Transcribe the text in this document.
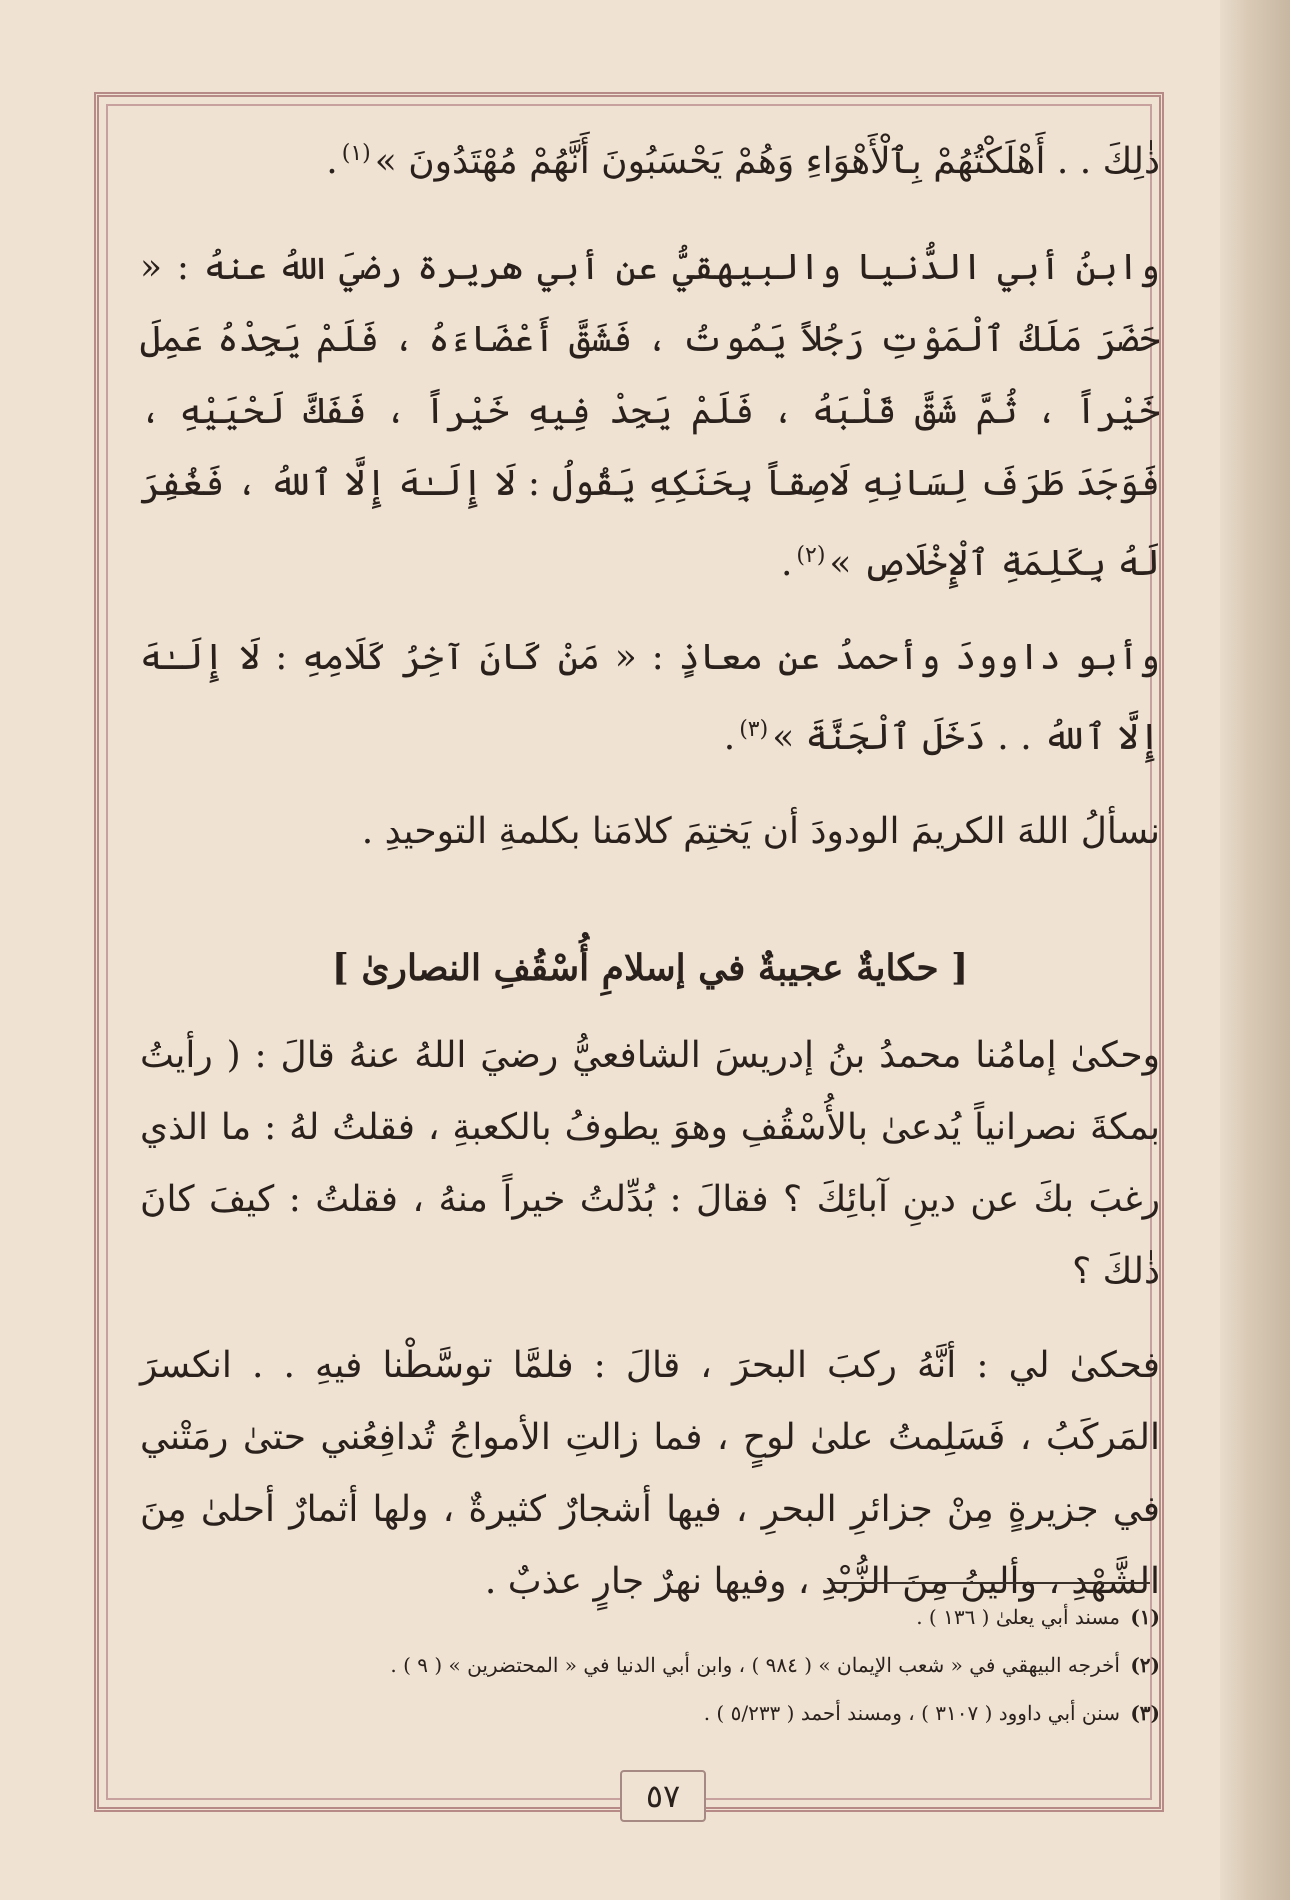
ذٰلِكَ . . أَهْلَكْتُهُمْ بِٱلْأَهْوَاءِ وَهُمْ يَحْسَبُونَ أَنَّهُمْ مُهْتَدُونَ »$^{(١)}$.

وابنُ أبي الدُّنيا والبيهقيُّ عن أبي هريرة رضيَ اللهُ عنهُ : « حَضَرَ مَلَكُ ٱلْمَوْتِ رَجُلاً يَمُوتُ ، فَشَقَّ أَعْضَاءَهُ ، فَلَمْ يَجِدْهُ عَمِلَ خَيْراً ، ثُمَّ شَقَّ قَلْبَهُ ، فَلَمْ يَجِدْ فِيهِ خَيْراً ، فَفَكَّ لَحْيَيْهِ ، فَوَجَدَ طَرَفَ لِسَانِهِ لَاصِقاً بِحَنَكِهِ يَقُولُ : لَا إِلَـٰهَ إِلَّا ٱللهُ ، فَغُفِرَ لَهُ بِكَلِمَةِ ٱلْإِخْلَاصِ »$^{(٢)}$.

وأبو داوودَ وأحمدُ عن معاذٍ : « مَنْ كَانَ آخِرُ كَلَامِهِ : لَا إِلَـٰهَ إِلَّا ٱللهُ . . دَخَلَ ٱلْجَنَّةَ »$^{(٣)}$.

نسألُ اللهَ الكريمَ الودودَ أن يَختِمَ كلامَنا بكلمةِ التوحيدِ .

[ حكايةٌ عجيبةٌ في إسلامِ أُسْقُفِ النصارىٰ ]

وحكىٰ إمامُنا محمدُ بنُ إدريسَ الشافعيُّ رضيَ اللهُ عنهُ قالَ : ( رأيتُ بمكةَ نصرانياً يُدعىٰ بالأُسْقُفِ وهوَ يطوفُ بالكعبةِ ، فقلتُ لهُ : ما الذي رغبَ بكَ عن دينِ آبائِكَ ؟ فقالَ : بُدِّلتُ خيراً منهُ ، فقلتُ : كيفَ كانَ ذٰلكَ ؟

فحكىٰ لي : أنَّهُ ركبَ البحرَ ، قالَ : فلمَّا توسَّطْنا فيهِ . . انكسرَ المَركَبُ ، فَسَلِمتُ علىٰ لوحٍ ، فما زالتِ الأمواجُ تُدافِعُني حتىٰ رمَتْني في جزيرةٍ مِنْ جزائرِ البحرِ ، فيها أشجارٌ كثيرةٌ ، ولها أثمارٌ أحلىٰ مِنَ الشَّهْدِ ، وألينُ مِنَ الزُّبْدِ ، وفيها نهرٌ جارٍ عذبٌ .

(١) مسند أبي يعلىٰ ( ١٣٦ ) .
(٢) أخرجه البيهقي في « شعب الإيمان » ( ٩٨٤ ) ، وابن أبي الدنيا في « المحتضرين » ( ٩ ) .
(٣) سنن أبي داوود ( ٣١٠٧ ) ، ومسند أحمد ( ٥/٢٣٣ ) .
٥٧
